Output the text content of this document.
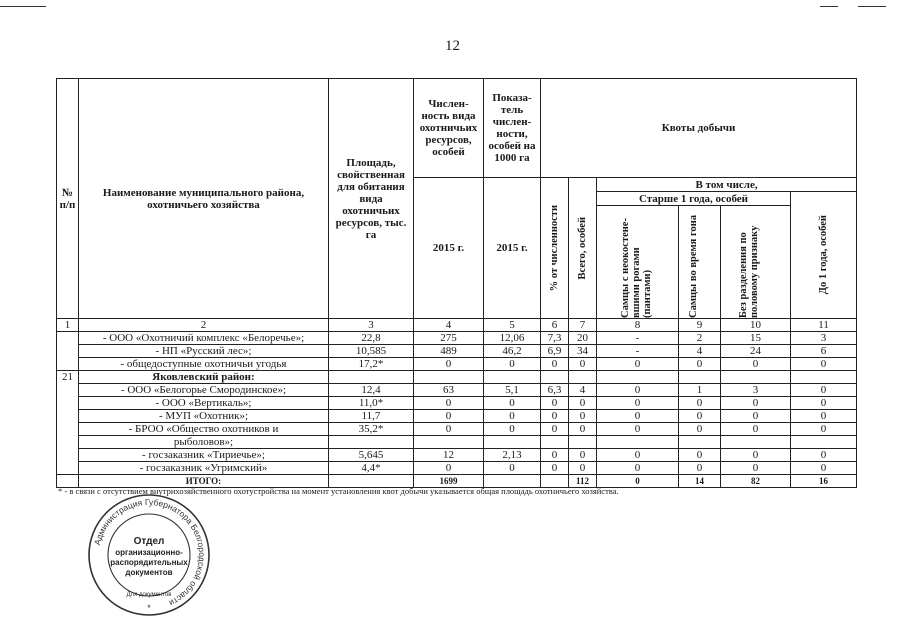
12
№ п/п	Наименование муниципального района, охотничьего хозяйства	Площадь, свойственная для обитания вида охотничьих ресурсов, тыс. га	Числен-ность вида охотничьих ресурсов, особей	Показа-тель числен-ности, особей на 1000 га	Квоты добычи					
			2015 г.	2015 г.	% от численности	Всего, особей	В том числе,			
							Старше 1 года, особей			До 1 года, особей

							Самцы с неокостене-вшими рогами (пантами)	Самцы во время гона	Без разделения по половому признаку	

1	2	3	4	5	6	7	8	9	10	11
	- ООО «Охотничий комплекс «Белоречье»;	22,8	275	12,06	7,3	20	-	2	15	3
	- НП «Русский лес»;	10,585	489	46,2	6,9	34	-	4	24	6
	- общедоступные охотничьи угодья	17,2*	0	0	0	0	0	0	0	0
21	Яковлевский район:									
	- ООО «Белогорье Смородинское»;	12,4	63	5,1	6,3	4	0	1	3	0
	- ООО «Вертикаль»;	11,0*	0	0	0	0	0	0	0	0
	- МУП «Охотник»;	11,7	0	0	0	0	0	0	0	0
	- БРОО «Общество охотников и	35,2*	0	0	0	0	0	0	0	0
	рыболовов»;									
	- госзаказник «Тириечье»;	5,645	12	2,13	0	0	0	0	0	0
	- госзаказник «Угримский»	4,4*	0	0	0	0	0	0	0	0
	ИТОГО:		1699			112	0	14	82	16
* - в связи с отсутствием внутрихозяйственного охотустройства на момент установления квот добычи указывается общая площадь охотничьего хозяйства.
Администрация Губернатора Белгородской области
*
Для документов
Отдел
организационно-
распорядительных
документов
